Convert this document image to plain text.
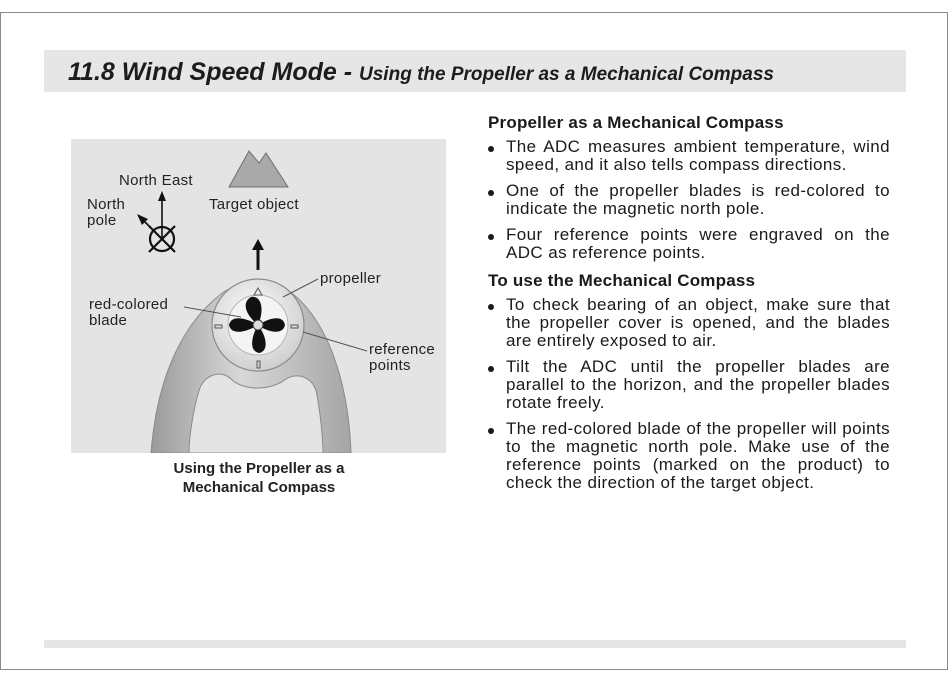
11.8 Wind Speed Mode - Using the Propeller as a Mechanical Compass
North East
North
pole
Target object
propeller
red-colored
blade
reference
points
Using the Propeller as a
Mechanical Compass
Propeller as a Mechanical Compass
The ADC measures ambient temperature, wind speed, and it also tells compass directions.
One of the propeller blades is red-colored to indicate the magnetic north pole.
Four reference points were engraved on the ADC as reference points.
To use the Mechanical Compass
To check bearing of an object, make sure that the propeller cover is opened, and the blades are entirely exposed to air.
Tilt the ADC until the propeller blades are parallel to the horizon, and the propeller blades rotate freely.
The red-colored blade of the propeller will points to the magnetic north pole. Make use of the reference points (marked on the product) to check the direction of the target object.
